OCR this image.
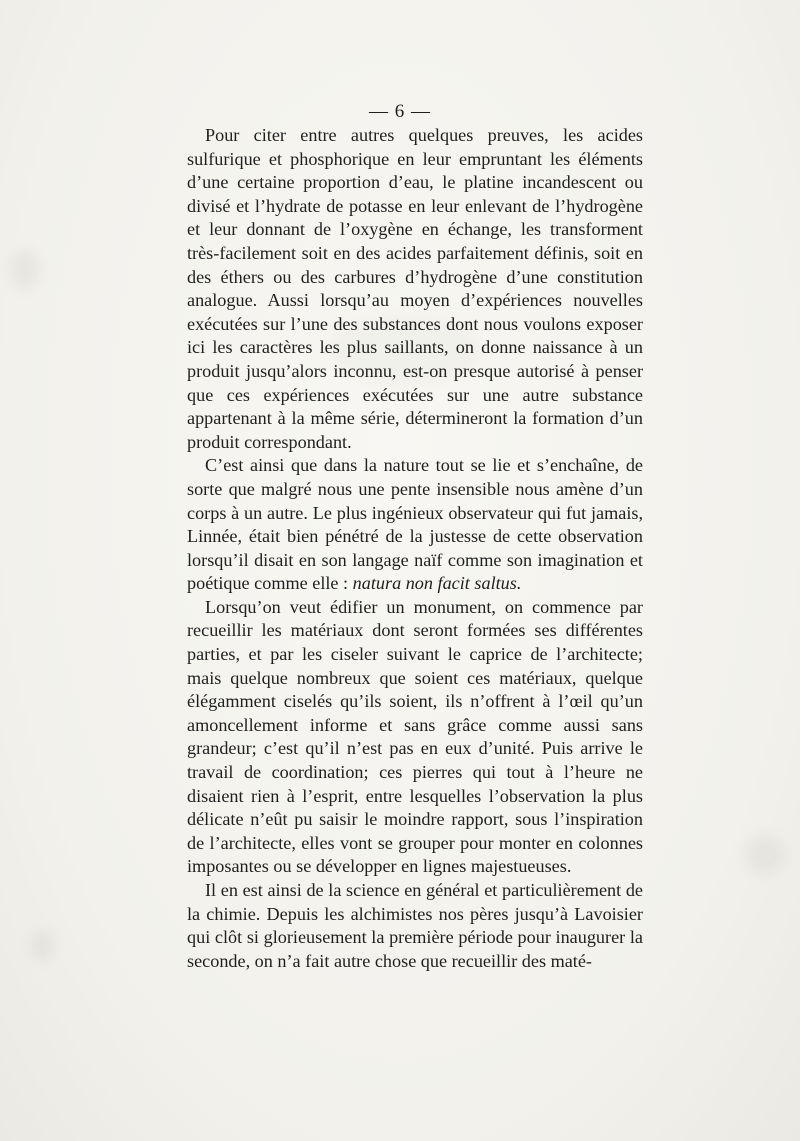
— 6 —

Pour citer entre autres quelques preuves, les acides sulfurique et phosphorique en leur empruntant les éléments d’une certaine proportion d’eau, le platine incandescent ou divisé et l’hydrate de potasse en leur enlevant de l’hydrogène et leur donnant de l’oxygène en échange, les transforment très-facilement soit en des acides parfaitement définis, soit en des éthers ou des carbures d’hydrogène d’une constitution analogue. Aussi lorsqu’au moyen d’expériences nouvelles exécutées sur l’une des substances dont nous voulons exposer ici les caractères les plus saillants, on donne naissance à un produit jusqu’alors inconnu, est-on presque autorisé à penser que ces expériences exécutées sur une autre substance appartenant à la même série, détermineront la formation d’un produit correspondant.

C’est ainsi que dans la nature tout se lie et s’enchaîne, de sorte que malgré nous une pente insensible nous amène d’un corps à un autre. Le plus ingénieux observateur qui fut jamais, Linnée, était bien pénétré de la justesse de cette observation lorsqu’il disait en son langage naïf comme son imagination et poétique comme elle : natura non facit saltus.

Lorsqu’on veut édifier un monument, on commence par recueillir les matériaux dont seront formées ses différentes parties, et par les ciseler suivant le caprice de l’architecte; mais quelque nombreux que soient ces matériaux, quelque élégamment ciselés qu’ils soient, ils n’offrent à l’œil qu’un amoncellement informe et sans grâce comme aussi sans grandeur; c’est qu’il n’est pas en eux d’unité. Puis arrive le travail de coordination; ces pierres qui tout à l’heure ne disaient rien à l’esprit, entre lesquelles l’observation la plus délicate n’eût pu saisir le moindre rapport, sous l’inspiration de l’architecte, elles vont se grouper pour monter en colonnes imposantes ou se développer en lignes majestueuses.

Il en est ainsi de la science en général et particulièrement de la chimie. Depuis les alchimistes nos pères jusqu’à Lavoisier qui clôt si glorieusement la première période pour inaugurer la seconde, on n’a fait autre chose que recueillir des maté-
